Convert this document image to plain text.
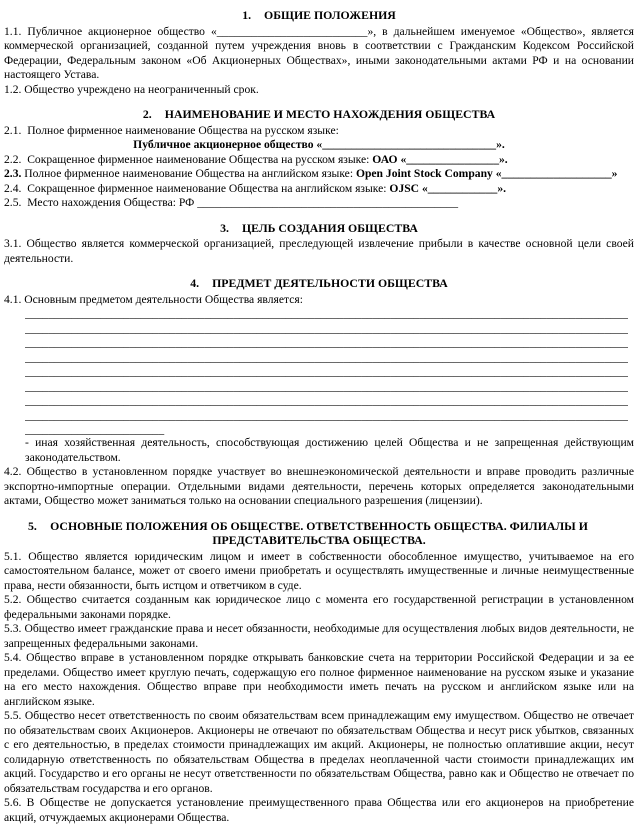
1. ОБЩИЕ ПОЛОЖЕНИЯ

1.1. Публичное акционерное общество «__________________________», в дальнейшем именуемое «Общество», является коммерческой организацией, созданной путем учреждения вновь в соответствии с Гражданским Кодексом Российской Федерации, Федеральным законом «Об Акционерных Обществах», иными законодательными актами РФ и на основании настоящего Устава.

1.2. Общество учреждено на неограниченный срок.

2. НАИМЕНОВАНИЕ И МЕСТО НАХОЖДЕНИЯ ОБЩЕСТВА

2.1.  Полное фирменное наименование Общества на русском языке:

Публичное акционерное общество «______________________________».

2.2.  Сокращенное фирменное наименование Общества на русском языке: ОАО «________________».

2.3. Полное фирменное наименование Общества на английском языке: Open Joint Stock Company «___________________»

2.4.  Сокращенное фирменное наименование Общества на английском языке: OJSC «____________».

2.5.  Место нахождения Общества: РФ _____________________________________________

3. ЦЕЛЬ СОЗДАНИЯ ОБЩЕСТВА

3.1. Общество является коммерческой организацией, преследующей извлечение прибыли в качестве основной цели своей деятельности.

4. ПРЕДМЕТ ДЕЯТЕЛЬНОСТИ ОБЩЕСТВА

4.1. Основным предметом деятельности Общества является:

________________________________________________________________________________________________________
________________________________________________________________________________________________________
________________________________________________________________________________________________________
________________________________________________________________________________________________________
________________________________________________________________________________________________________
________________________________________________________________________________________________________
________________________________________________________________________________________________________
________________________________________________________________________________________________________
________________________

- иная хозяйственная деятельность, способствующая достижению целей Общества и не запрещенная действующим законодательством.

4.2. Общество в установленном порядке участвует во внешнеэкономической деятельности и вправе проводить различные экспортно-импортные операции. Отдельными видами деятельности, перечень которых определяется законодательными актами, Общество может заниматься только на основании специального разрешения (лицензии).

5.	ОСНОВНЫЕ ПОЛОЖЕНИЯ ОБ ОБЩЕСТВЕ. ОТВЕТСТВЕННОСТЬ ОБЩЕСТВА. ФИЛИАЛЫ И
ПРЕДСТАВИТЕЛЬСТВА ОБЩЕСТВА.

5.1. Общество является юридическим лицом и имеет в собственности обособленное имущество, учитываемое на его самостоятельном балансе, может от своего имени приобретать и осуществлять имущественные и личные неимущественные права, нести обязанности, быть истцом и ответчиком в суде.

5.2. Общество считается созданным как юридическое лицо с момента его государственной регистрации в установленном федеральными законами порядке.

5.3. Общество имеет гражданские права и несет обязанности, необходимые для осуществления любых видов деятельности, не запрещенных федеральными законами.

5.4. Общество вправе в установленном порядке открывать банковские счета на территории Российской Федерации и за ее пределами. Общество имеет круглую печать, содержащую его полное фирменное наименование на русском языке и указание на его место нахождения. Общество вправе при необходимости иметь печать на русском и английском языке или на английском языке.

5.5. Общество несет ответственность по своим обязательствам всем принадлежащим ему имуществом. Общество не отвечает по обязательствам своих Акционеров. Акционеры не отвечают по обязательствам Общества и несут риск убытков, связанных с его деятельностью, в пределах стоимости принадлежащих им акций. Акционеры, не полностью оплатившие акции, несут солидарную ответственность по обязательствам Общества в пределах неоплаченной части стоимости принадлежащих им акций. Государство и его органы не несут ответственности по обязательствам Общества, равно как и Общество не отвечает по обязательствам государства и его органов.

5.6. В Обществе не допускается установление преимущественного права Общества или его акционеров на приобретение акций, отчуждаемых акционерами Общества.
